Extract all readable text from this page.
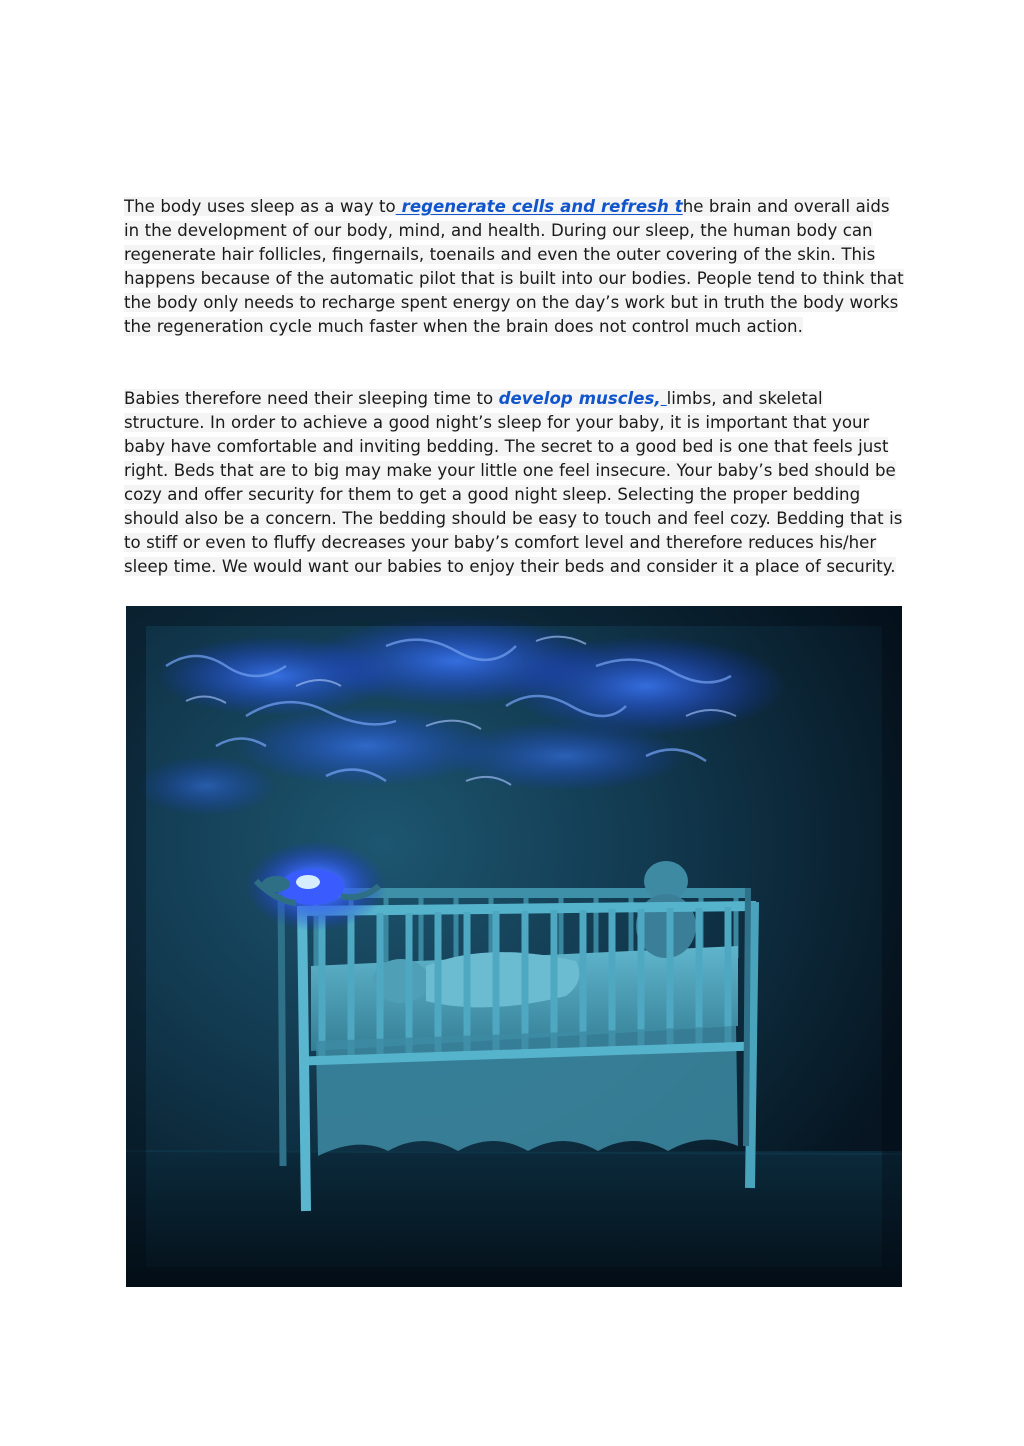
The body uses sleep as a way to regenerate cells and refresh the brain and overall aids in the development of our body, mind, and health. During our sleep, the human body can regenerate hair follicles, fingernails, toenails and even the outer covering of the skin. This happens because of the automatic pilot that is built into our bodies. People tend to think that the body only needs to recharge spent energy on the day’s work but in truth the body works the regeneration cycle much faster when the brain does not control much action.

Babies therefore need their sleeping time to develop muscles, limbs, and skeletal structure. In order to achieve a good night’s sleep for your baby, it is important that your baby have comfortable and inviting bedding. The secret to a good bed is one that feels just right. Beds that are to big may make your little one feel insecure. Your baby’s bed should be cozy and offer security for them to get a good night sleep. Selecting the proper bedding should also be a concern. The bedding should be easy to touch and feel cozy. Bedding that is to stiff or even to fluffy decreases your baby’s comfort level and therefore reduces his/her sleep time. We would want our babies to enjoy their beds and consider it a place of security.
